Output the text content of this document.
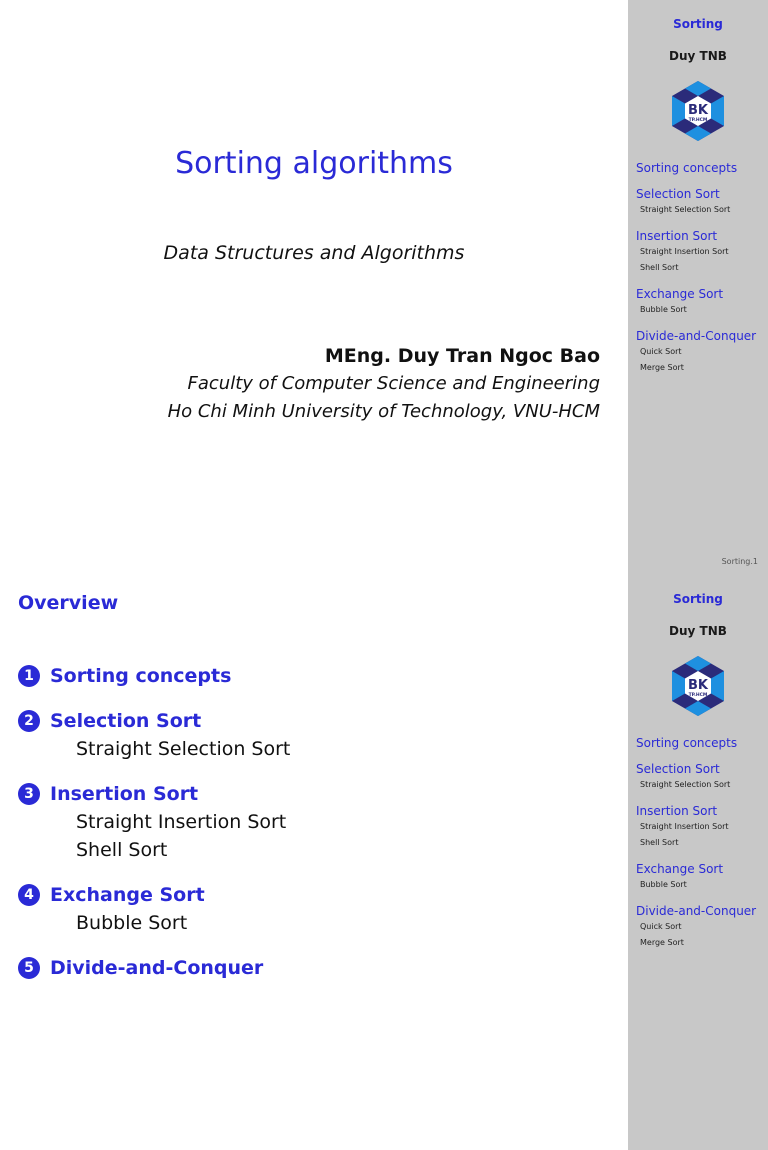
Sorting algorithms
Data Structures and Algorithms
MEng. Duy Tran Ngoc Bao
Faculty of Computer Science and Engineering
Ho Chi Minh University of Technology, VNU-HCM
Sorting
Duy TNB
BK
TP.HCM
Sorting concepts
Selection Sort
Straight Selection Sort
Insertion Sort
Straight Insertion Sort
Shell Sort
Exchange Sort
Bubble Sort
Divide-and-Conquer
Quick Sort
Merge Sort
Sorting.1
Sorting
Duy TNB
BK
TP.HCM
Sorting concepts
Selection Sort
Straight Selection Sort
Insertion Sort
Straight Insertion Sort
Shell Sort
Exchange Sort
Bubble Sort
Divide-and-Conquer
Quick Sort
Merge Sort
Overview
1 Sorting concepts
2 Selection Sort
Straight Selection Sort
3 Insertion Sort
Straight Insertion Sort
Shell Sort
4 Exchange Sort
Bubble Sort
5 Divide-and-Conquer
